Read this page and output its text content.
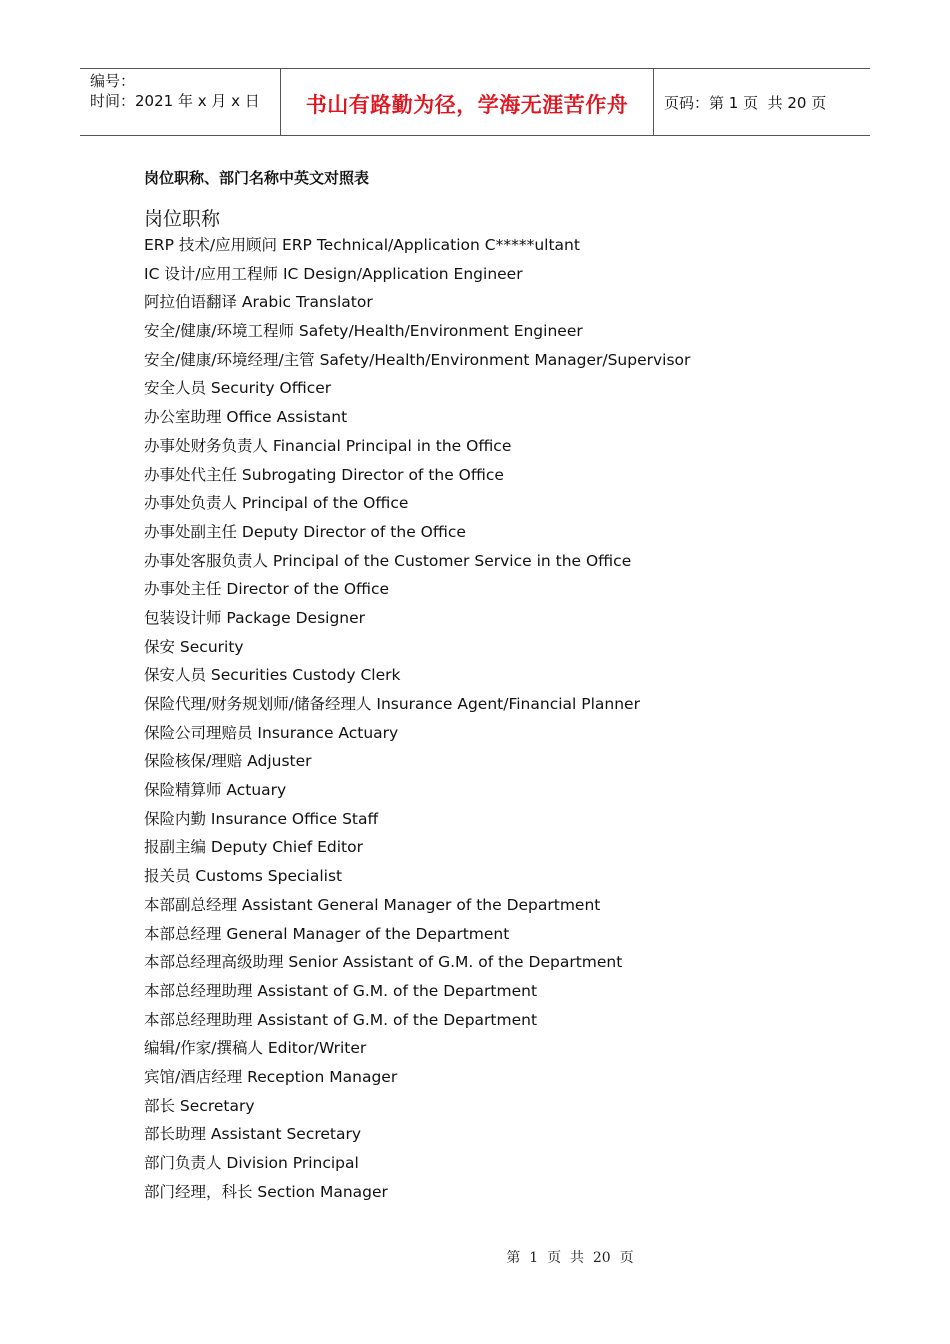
编号：
时间：2021 年 x 月 x 日	书山有路勤为径，学海无涯苦作舟 页码：第 1 页  共 20 页
岗位职称、部门名称中英文对照表
岗位职称
ERP 技术/应用顾问 ERP Technical/Application C*****ultant
IC 设计/应用工程师 IC Design/Application Engineer
阿拉伯语翻译 Arabic Translator
安全/健康/环境工程师 Safety/Health/Environment Engineer
安全/健康/环境经理/主管 Safety/Health/Environment Manager/Supervisor
安全人员 Security Officer
办公室助理 Office Assistant
办事处财务负责人 Financial Principal in the Office
办事处代主任 Subrogating Director of the Office
办事处负责人 Principal of the Office
办事处副主任 Deputy Director of the Office
办事处客服负责人 Principal of the Customer Service in the Office
办事处主任 Director of the Office
包装设计师 Package Designer
保安 Security
保安人员 Securities Custody Clerk
保险代理/财务规划师/储备经理人 Insurance Agent/Financial Planner
保险公司理赔员 Insurance Actuary
保险核保/理赔 Adjuster
保险精算师 Actuary
保险内勤 Insurance Office Staff
报副主编 Deputy Chief Editor
报关员 Customs Specialist
本部副总经理 Assistant General Manager of the Department
本部总经理 General Manager of the Department
本部总经理高级助理 Senior Assistant of G.M. of the Department
本部总经理助理 Assistant of G.M. of the Department
本部总经理助理 Assistant of G.M. of the Department
编辑/作家/撰稿人 Editor/Writer
宾馆/酒店经理 Reception Manager
部长 Secretary
部长助理 Assistant Secretary
部门负责人 Division Principal
部门经理，科长 Section Manager
第  1  页  共  20  页
